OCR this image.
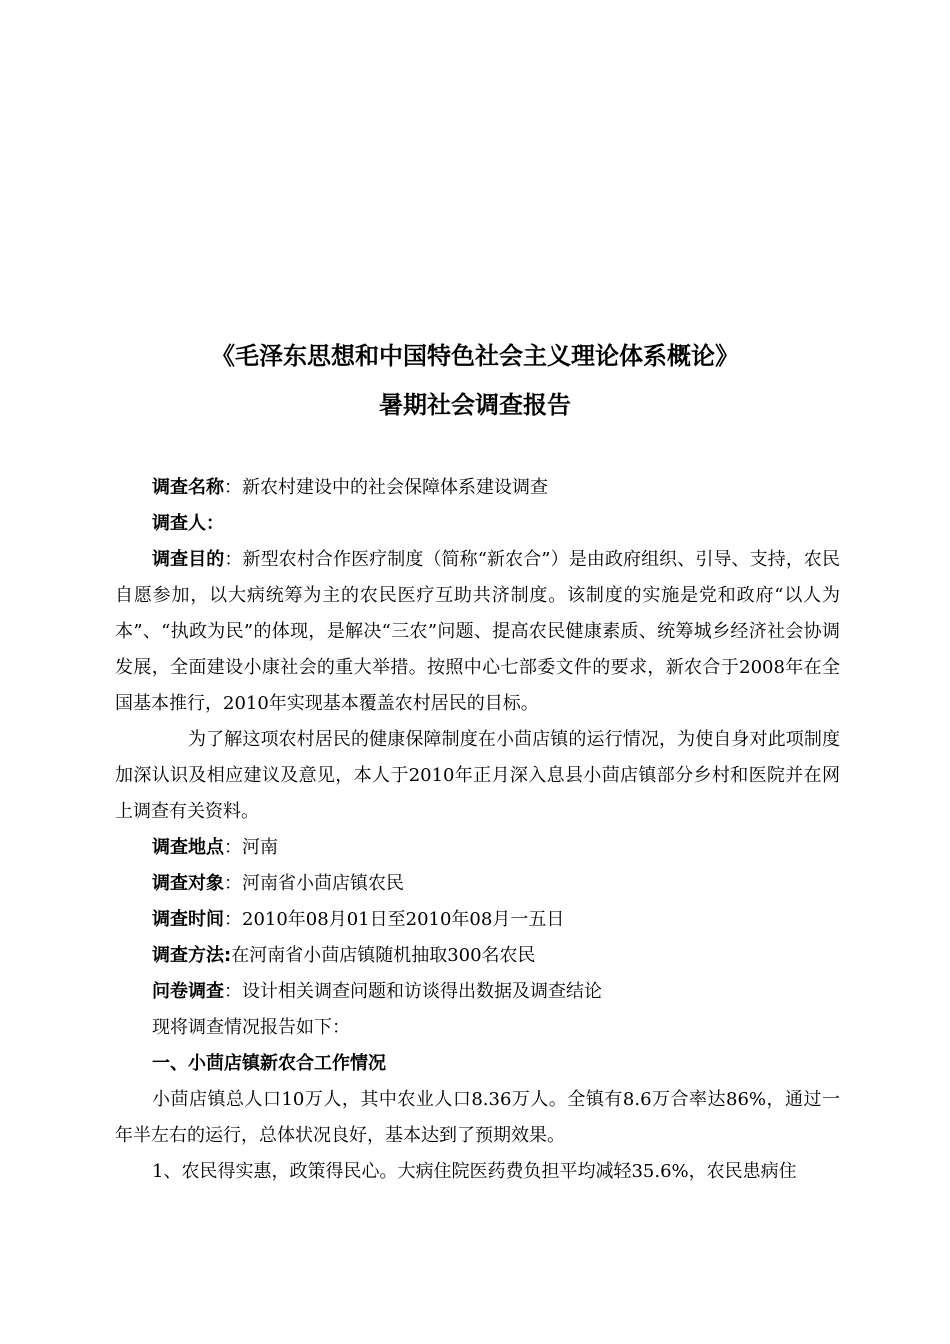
《毛泽东思想和中国特色社会主义理论体系概论》
暑期社会调查报告

调查名称：新农村建设中的社会保障体系建设调查

调查人：

调查目的：新型农村合作医疗制度（简称“新农合”）是由政府组织、引导、支持，农民自愿参加，以大病统筹为主的农民医疗互助共济制度。该制度的实施是党和政府“以人为本”、“执政为民”的体现，是解决“三农”问题、提高农民健康素质、统筹城乡经济社会协调发展，全面建设小康社会的重大举措。按照中心七部委文件的要求，新农合于2008年在全国基本推行，2010年实现基本覆盖农村居民的目标。

为了解这项农村居民的健康保障制度在小茴店镇的运行情况，为使自身对此项制度加深认识及相应建议及意见，本人于2010年正月深入息县小茴店镇部分乡村和医院并在网上调查有关资料。

调查地点：河南

调查对象：河南省小茴店镇农民

调查时间：2010年08月01日至2010年08月一五日

调查方法:在河南省小茴店镇随机抽取300名农民

问卷调查：设计相关调查问题和访谈得出数据及调查结论

现将调查情况报告如下：

一、小茴店镇新农合工作情况

小茴店镇总人口10万人，其中农业人口8.36万人。全镇有8.6万合率达86%，通过一年半左右的运行，总体状况良好，基本达到了预期效果。

1、农民得实惠，政策得民心。大病住院医药费负担平均减轻35.6%，农民患病住
